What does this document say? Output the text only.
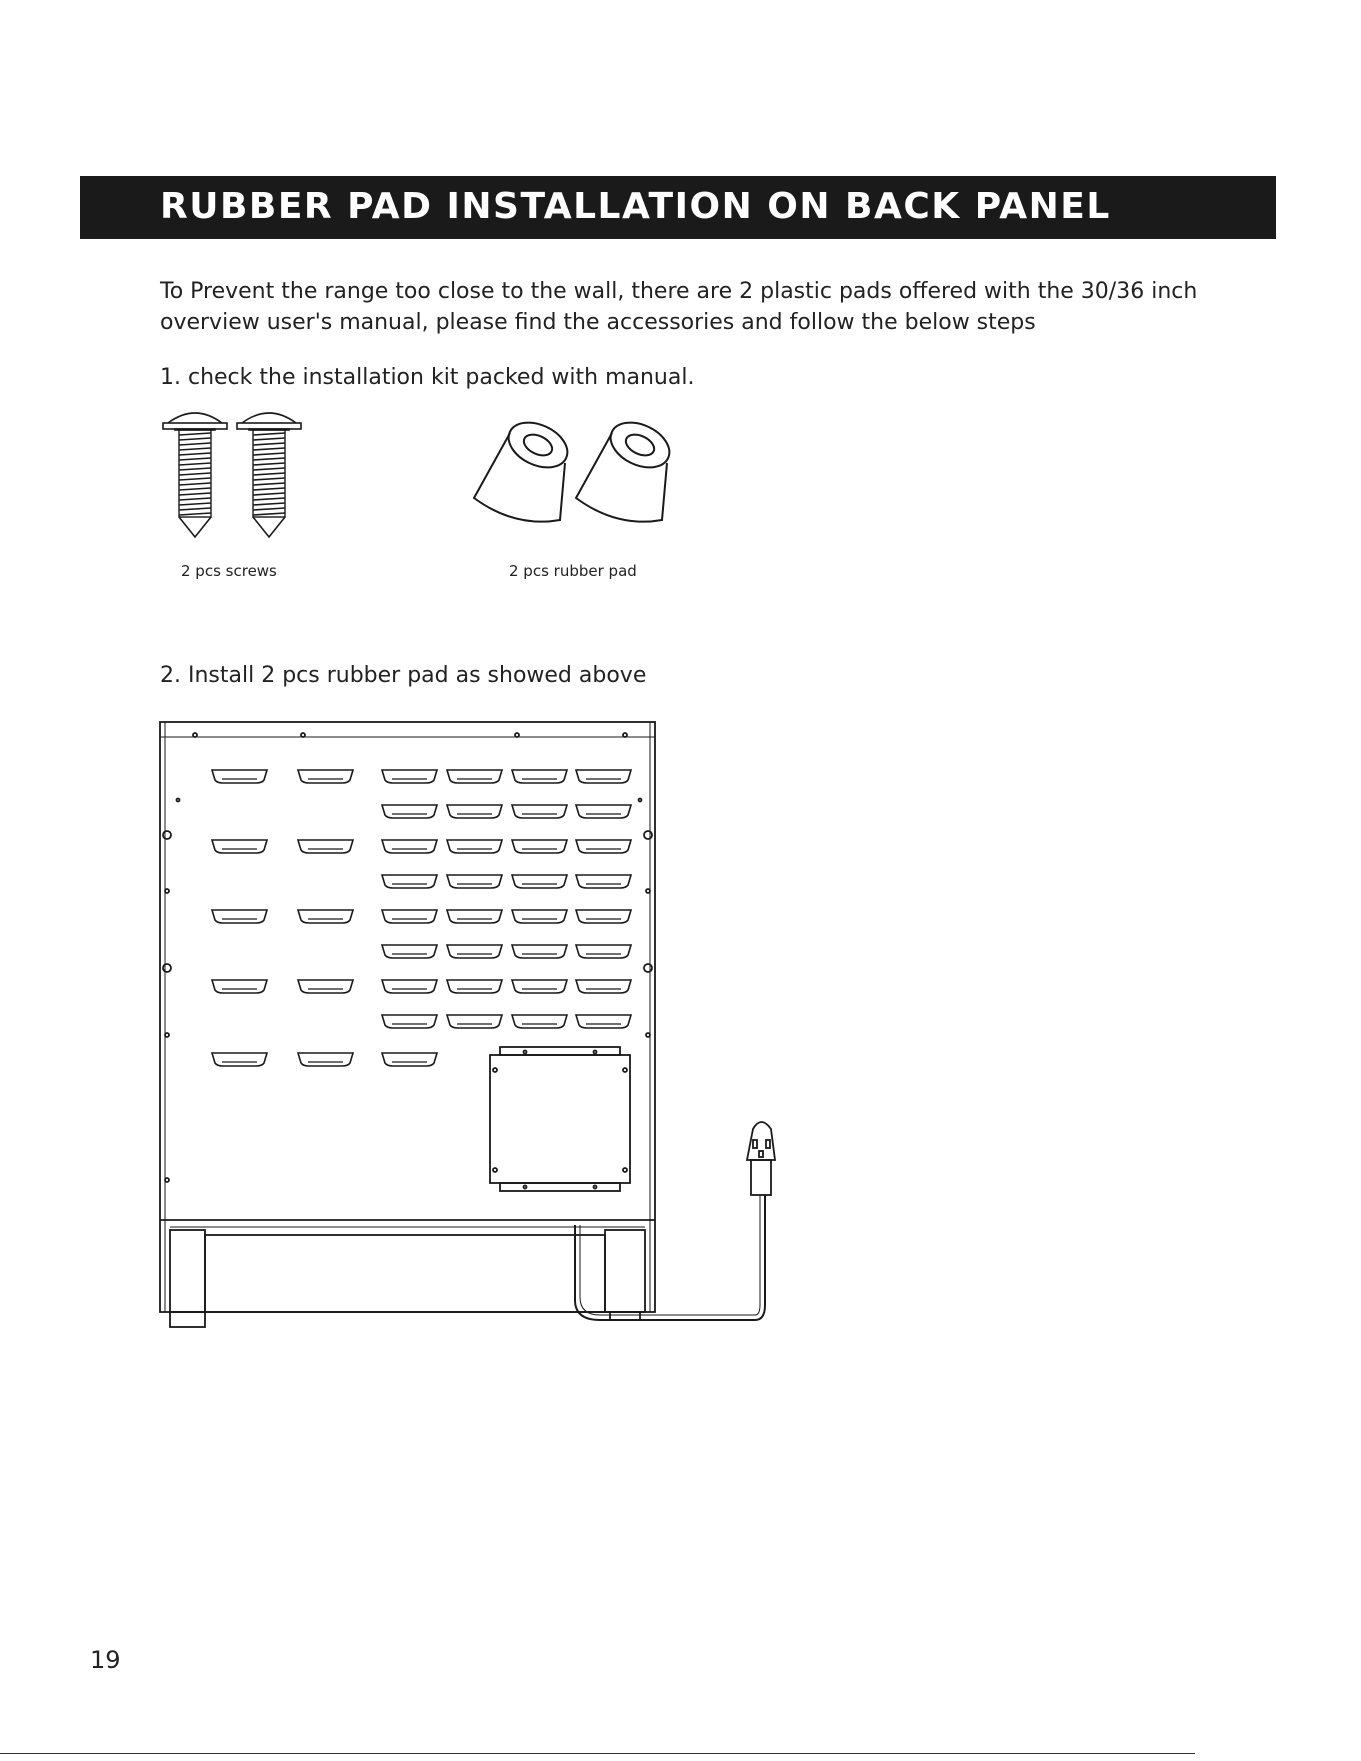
RUBBER PAD INSTALLATION ON BACK PANEL

To Prevent the range too close to the wall, there are 2 plastic pads offered with the 30/36 inch overview user's manual, please find the accessories and follow the below steps

1. check the installation kit packed with manual.

2 pcs screws	2 pcs rubber pad

2. Install 2 pcs rubber pad as showed above

19
